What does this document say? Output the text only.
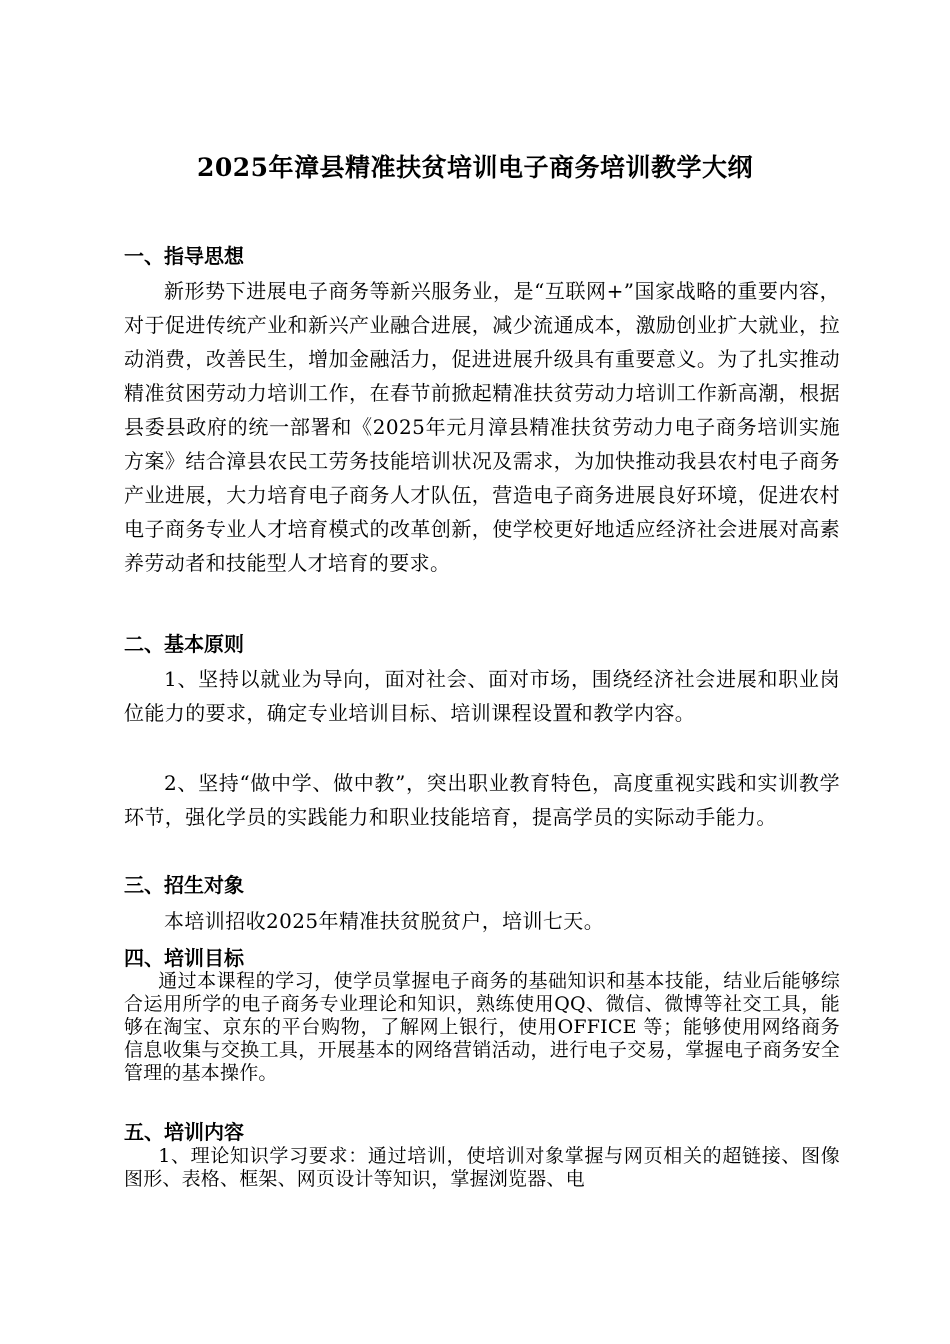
2025年漳县精准扶贫培训电子商务培训教学大纲
一、指导思想
新形势下进展电子商务等新兴服务业，是“互联网+”国家战略的重要内容，对于促进传统产业和新兴产业融合进展，减少流通成本，激励创业扩大就业，拉动消费，改善民生，增加金融活力，促进进展升级具有重要意义。为了扎实推动精准贫困劳动力培训工作，在春节前掀起精准扶贫劳动力培训工作新高潮，根据县委县政府的统一部署和《2025年元月漳县精准扶贫劳动力电子商务培训实施方案》结合漳县农民工劳务技能培训状况及需求，为加快推动我县农村电子商务产业进展，大力培育电子商务人才队伍，营造电子商务进展良好环境，促进农村电子商务专业人才培育模式的改革创新，使学校更好地适应经济社会进展对高素养劳动者和技能型人才培育的要求。
二、基本原则
1、坚持以就业为导向，面对社会、面对市场，围绕经济社会进展和职业岗位能力的要求，确定专业培训目标、培训课程设置和教学内容。
2、坚持“做中学、做中教”，突出职业教育特色，高度重视实践和实训教学环节，强化学员的实践能力和职业技能培育，提高学员的实际动手能力。
三、招生对象
本培训招收2025年精准扶贫脱贫户，培训七天。
四、培训目标
通过本课程的学习，使学员掌握电子商务的基础知识和基本技能，结业后能够综合运用所学的电子商务专业理论和知识，熟练使用QQ、微信、微博等社交工具，能够在淘宝、京东的平台购物，了解网上银行，使用OFFICE 等；能够使用网络商务信息收集与交换工具，开展基本的网络营销活动，进行电子交易，掌握电子商务安全管理的基本操作。
五、培训内容
1、理论知识学习要求：通过培训，使培训对象掌握与网页相关的超链接、图像图形、表格、框架、网页设计等知识，掌握浏览器、电
